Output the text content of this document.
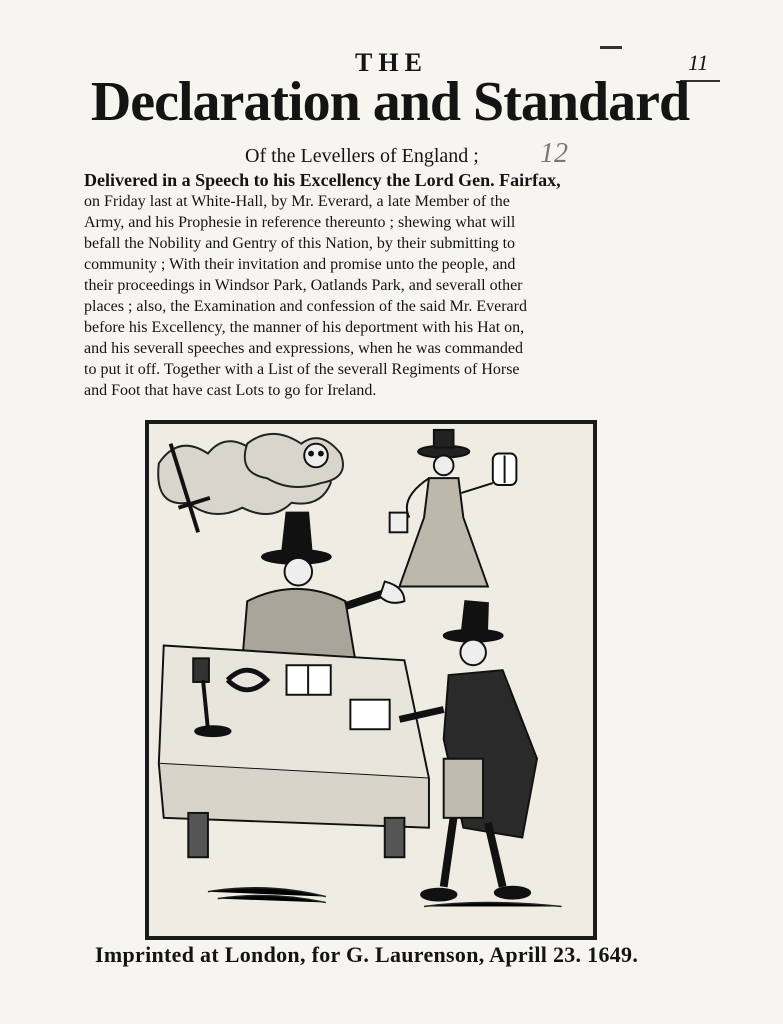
THE	11
Declaration and Standard
Of the Levellers of England ;	12
Delivered in a Speech to his Excellency the Lord Gen. Fairfax,
on Friday last at White-Hall, by Mr. Everard, a late Member of the
Army, and his Prophesie in reference thereunto ; shewing what will
befall the Nobility and Gentry of this Nation, by their submitting to
community ; With their invitation and promise unto the people, and
their proceedings in Windsor Park, Oatlands Park, and severall other
places ; also, the Examination and confession of the said Mr. Everard
before his Excellency, the manner of his deportment with his Hat on,
and his severall speeches and expressions, when he was commanded
to put it off. Together with a List of the severall Regiments of Horse
and Foot that have cast Lots to go for Ireland.
Imprinted at London, for G. Laurenson, Aprill 23. 1649.
